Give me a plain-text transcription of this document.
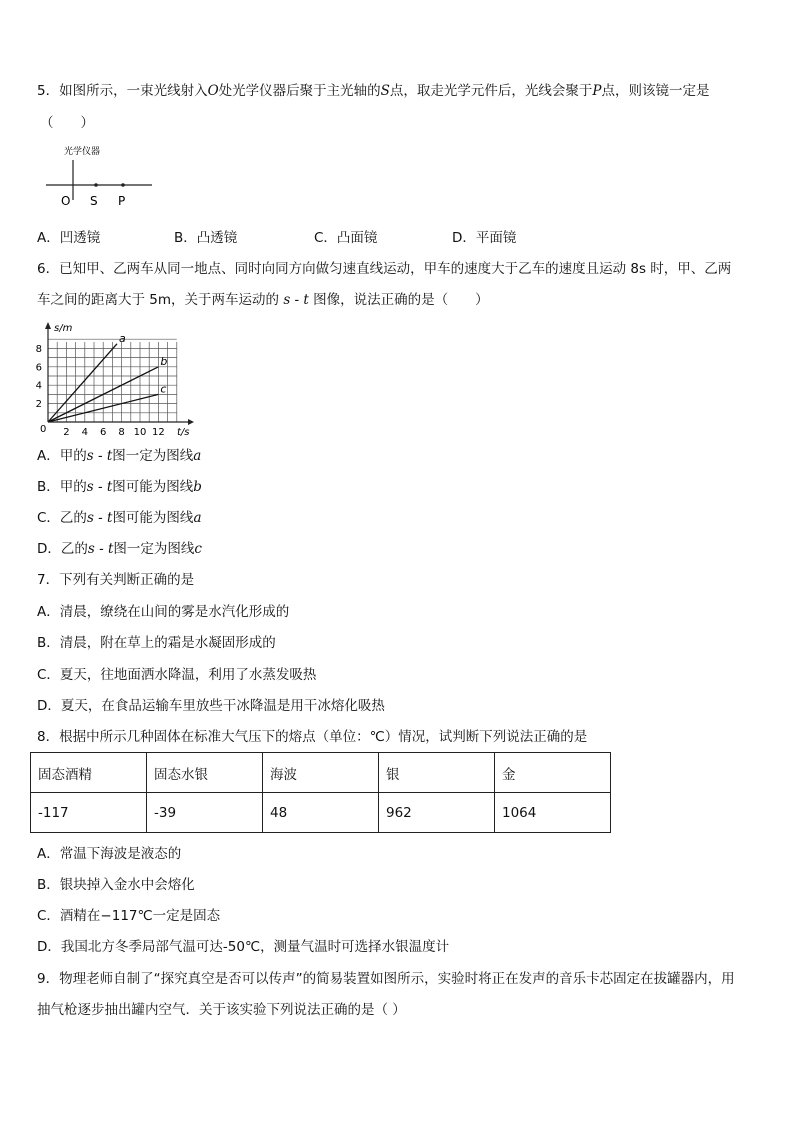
5．如图所示，一束光线射入O处光学仪器后聚于主光轴的S点，取走光学元件后，光线会聚于P点，则该镜一定是
（　　）
光学仪器
O S P
A．凹透镜	B．凸透镜	C．凸面镜	D．平面镜
6．已知甲、乙两车从同一地点、同时向同方向做匀速直线运动，甲车的速度大于乙车的速度且运动 8s 时，甲、乙两
车之间的距离大于 5m，关于两车运动的 s - t 图像，说法正确的是（　　）
a
b
c
2 4 6 8 10 12
2
4
6
8
s/m
t/s
0
A．甲的s - t图一定为图线a
B．甲的s - t图可能为图线b
C．乙的s - t图可能为图线a
D．乙的s - t图一定为图线c
7．下列有关判断正确的是
A．清晨，缭绕在山间的雾是水汽化形成的
B．清晨，附在草上的霜是水凝固形成的
C．夏天，往地面洒水降温，利用了水蒸发吸热
D．夏天，在食品运输车里放些干冰降温是用干冰熔化吸热
8．根据中所示几种固体在标准大气压下的熔点（单位：℃）情况，试判断下列说法正确的是
固态酒精	固态水银	海波	银	金
-117	-39	48	962	1064
A．常温下海波是液态的
B．银块掉入金水中会熔化
C．酒精在−117℃一定是固态
D．我国北方冬季局部气温可达-50℃，测量气温时可选择水银温度计
9．物理老师自制了“探究真空是否可以传声”的简易装置如图所示，实验时将正在发声的音乐卡芯固定在拔罐器内，用
抽气枪逐步抽出罐内空气．关于该实验下列说法正确的是（ ）
